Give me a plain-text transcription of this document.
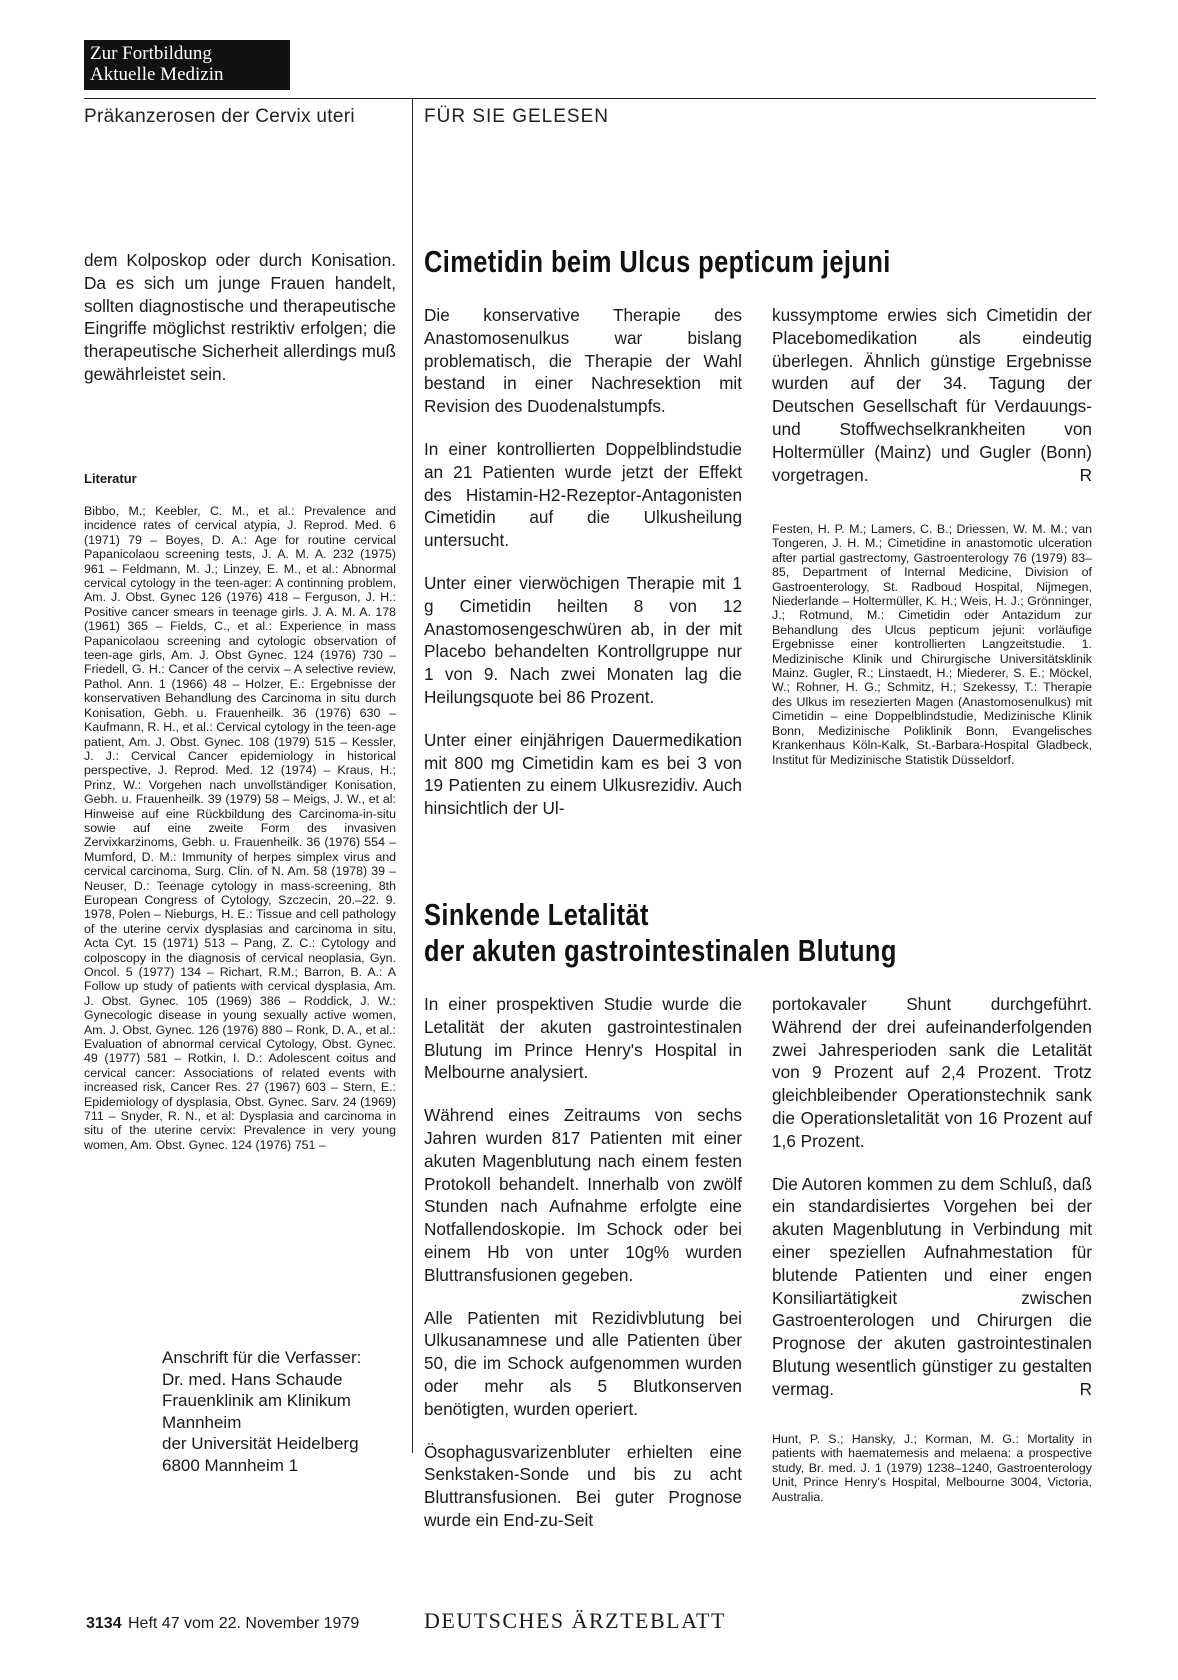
Zur Fortbildung
Aktuelle Medizin
Präkanzerosen der Cervix uteri	FÜR SIE GELESEN
dem Kolposkop oder durch Konisation. Da es sich um junge Frauen handelt, sollten diagnostische und therapeutische Eingriffe möglichst restriktiv erfolgen; die therapeutische Sicherheit allerdings muß gewährleistet sein.
Literatur
Bibbo, M.; Keebler, C. M., et al.: Prevalence and incidence rates of cervical atypia, J. Reprod. Med. 6 (1971) 79 – Boyes, D. A.: Age for routine cervical Papanicolaou screening tests, J. A. M. A. 232 (1975) 961 – Feldmann, M. J.; Linzey, E. M., et al.: Abnormal cervical cytology in the teen-ager: A continning problem, Am. J. Obst. Gynec 126 (1976) 418 – Ferguson, J. H.: Positive cancer smears in teenage girls. J. A. M. A. 178 (1961) 365 – Fields, C., et al.: Experience in mass Papanicolaou screening and cytologic observation of teen-age girls, Am. J. Obst Gynec. 124 (1976) 730 – Friedell, G. H.: Cancer of the cervix – A selective review, Pathol. Ann. 1 (1966) 48 – Holzer, E.: Ergebnisse der konservativen Behandlung des Carcinoma in situ durch Konisation, Gebh. u. Frauenheilk. 36 (1976) 630 – Kaufmann, R. H., et al.: Cervical cytology in the teen-age patient, Am. J. Obst. Gynec. 108 (1979) 515 – Kessler, J. J.: Cervical Cancer epidemiology in historical perspective, J. Reprod. Med. 12 (1974) – Kraus, H.; Prinz, W.: Vorgehen nach unvollständiger Konisation, Gebh. u. Frauenheilk. 39 (1979) 58 – Meigs, J. W., et al: Hinweise auf eine Rückbildung des Carcinoma-in-situ sowie auf eine zweite Form des invasiven Zervixkarzinoms, Gebh. u. Frauenheilk. 36 (1976) 554 – Mumford, D. M.: Immunity of herpes simplex virus and cervical carcinoma, Surg. Clin. of N. Am. 58 (1978) 39 – Neuser, D.: Teenage cytology in mass-screening, 8th European Congress of Cytology, Szczecin, 20.–22. 9. 1978, Polen – Nieburgs, H. E.: Tissue and cell pathology of the uterine cervix dysplasias and carcinoma in situ, Acta Cyt. 15 (1971) 513 – Pang, Z. C.: Cytology and colposcopy in the diagnosis of cervical neoplasia, Gyn. Oncol. 5 (1977) 134 – Richart, R.M.; Barron, B. A.: A Follow up study of patients with cervical dysplasia, Am. J. Obst. Gynec. 105 (1969) 386 – Roddick, J. W.: Gynecologic disease in young sexually active women, Am. J. Obst. Gynec. 126 (1976) 880 – Ronk, D. A., et al.: Evaluation of abnormal cervical Cytology, Obst. Gynec. 49 (1977) 581 – Rotkin, I. D.: Adolescent coitus and cervical cancer: Associations of related events with increased risk, Cancer Res. 27 (1967) 603 – Stern, E.: Epidemiology of dysplasia, Obst. Gynec. Sarv. 24 (1969) 711 – Snyder, R. N., et al: Dysplasia and carcinoma in situ of the uterine cervix: Prevalence in very young women, Am. Obst. Gynec. 124 (1976) 751 –
Anschrift für die Verfasser:
Dr. med. Hans Schaude
Frauenklinik am Klinikum
Mannheim
der Universität Heidelberg
6800 Mannheim 1
Cimetidin beim Ulcus pepticum jejuni

Die konservative Therapie des Anastomosenulkus war bislang problematisch, die Therapie der Wahl bestand in einer Nachresektion mit Revision des Duodenalstumpfs.

In einer kontrollierten Doppelblindstudie an 21 Patienten wurde jetzt der Effekt des Histamin-H2-Rezeptor-Antagonisten Cimetidin auf die Ulkusheilung untersucht.

Unter einer vierwöchigen Therapie mit 1 g Cimetidin heilten 8 von 12 Anastomosengeschwüren ab, in der mit Placebo behandelten Kontrollgruppe nur 1 von 9. Nach zwei Monaten lag die Heilungsquote bei 86 Prozent.

Unter einer einjährigen Dauermedikation mit 800 mg Cimetidin kam es bei 3 von 19 Patienten zu einem Ulkusrezidiv. Auch hinsichtlich der Ul-

kussymptome erwies sich Cimetidin der Placebomedikation als eindeutig überlegen. Ähnlich günstige Ergebnisse wurden auf der 34. Tagung der Deutschen Gesellschaft für Verdauungs- und Stoffwechselkrankheiten von Holtermüller (Mainz) und Gugler (Bonn) vorgetragen.	R

Festen, H. P. M.; Lamers, C. B.; Driessen, W. M. M.; van Tongeren, J. H. M.; Cimetidine in anastomotic ulceration after partial gastrectomy, Gastroenterology 76 (1979) 83–85, Department of Internal Medicine, Division of Gastroenterology, St. Radboud Hospital, Nijmegen, Niederlande – Holtermüller, K. H.; Weis, H. J.; Grönninger, J.; Rotmund, M.: Cimetidin oder Antazidum zur Behandlung des Ulcus pepticum jejuni: vorläufige Ergebnisse einer kontrollierten Langzeitstudie. 1. Medizinische Klinik und Chirurgische Universitätsklinik Mainz. Gugler, R.; Linstaedt, H.; Miederer, S. E.; Möckel, W.; Rohner, H. G.; Schmitz, H.; Szekessy, T.: Therapie des Ulkus im resezierten Magen (Anastomosenulkus) mit Cimetidin – eine Doppelblindstudie, Medizinische Klinik Bonn, Medizinische Poliklinik Bonn, Evangelisches Krankenhaus Köln-Kalk, St.-Barbara-Hospital Gladbeck, Institut für Medizinische Statistik Düsseldorf.
Sinkende Letalität
der akuten gastrointestinalen Blutung

In einer prospektiven Studie wurde die Letalität der akuten gastrointestinalen Blutung im Prince Henry's Hospital in Melbourne analysiert.

Während eines Zeitraums von sechs Jahren wurden 817 Patienten mit einer akuten Magenblutung nach einem festen Protokoll behandelt. Innerhalb von zwölf Stunden nach Aufnahme erfolgte eine Notfallendoskopie. Im Schock oder bei einem Hb von unter 10g% wurden Bluttransfusionen gegeben.

Alle Patienten mit Rezidivblutung bei Ulkusanamnese und alle Patienten über 50, die im Schock aufgenommen wurden oder mehr als 5 Blutkonserven benötigten, wurden operiert.

Ösophagusvarizenbluter erhielten eine Senkstaken-Sonde und bis zu acht Bluttransfusionen. Bei guter Prognose wurde ein End-zu-Seit

portokavaler Shunt durchgeführt. Während der drei aufeinanderfolgenden zwei Jahresperioden sank die Letalität von 9 Prozent auf 2,4 Prozent. Trotz gleichbleibender Operationstechnik sank die Operationsletalität von 16 Prozent auf 1,6 Prozent.

Die Autoren kommen zu dem Schluß, daß ein standardisiertes Vorgehen bei der akuten Magenblutung in Verbindung mit einer speziellen Aufnahmestation für blutende Patienten und einer engen Konsiliartätigkeit zwischen Gastroenterologen und Chirurgen die Prognose der akuten gastrointestinalen Blutung wesentlich günstiger zu gestalten vermag.	R

Hunt, P. S.; Hansky, J.; Korman, M. G.: Mortality in patients with haematemesis and melaena: a prospective study, Br. med. J. 1 (1979) 1238–1240, Gastroenterology Unit, Prince Henry's Hospital, Melbourne 3004, Victoria, Australia.
3134 Heft 47 vom 22. November 1979	DEUTSCHES ÄRZTEBLATT
